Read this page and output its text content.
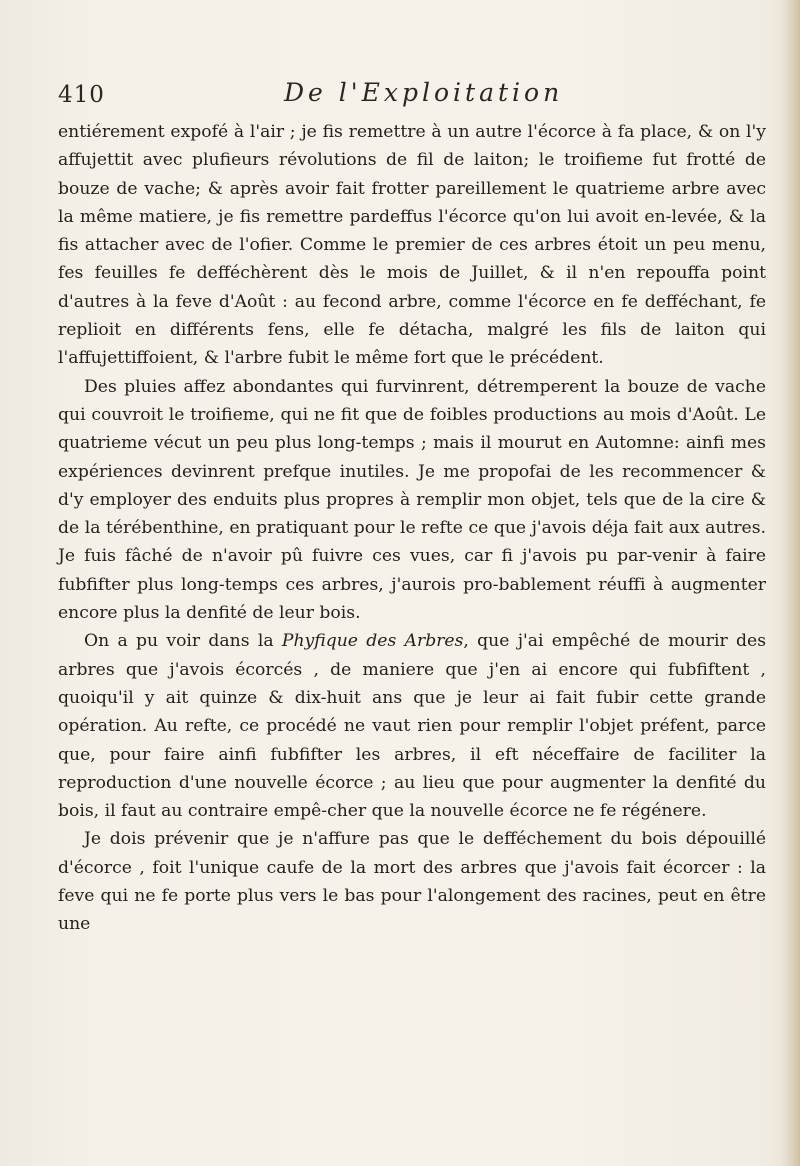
410	De l'Exploitation

entiérement expofé à l'air ; je fis remettre à un autre l'écorce à fa place, & on l'y affujettit avec plufieurs révolutions de fil de laiton; le troifieme fut frotté de bouze de vache; & après avoir fait frotter pareillement le quatrieme arbre avec la même matiere, je fis remettre pardeffus l'écorce qu'on lui avoit en-levée, & la fis attacher avec de l'ofier. Comme le premier de ces arbres étoit un peu menu, fes feuilles fe defféchèrent dès le mois de Juillet, & il n'en repouffa point d'autres à la feve d'Août : au fecond arbre, comme l'écorce en fe defféchant, fe replioit en différents fens, elle fe détacha, malgré les fils de laiton qui l'affujettiffoient, & l'arbre fubit le même fort que le précédent.

Des pluies affez abondantes qui furvinrent, détremperent la bouze de vache qui couvroit le troifieme, qui ne fit que de foibles productions au mois d'Août. Le quatrieme vécut un peu plus long-temps ; mais il mourut en Automne: ainfi mes expériences devinrent prefque inutiles. Je me propofai de les recommencer & d'y employer des enduits plus propres à remplir mon objet, tels que de la cire & de la térébenthine, en pratiquant pour le refte ce que j'avois déja fait aux autres. Je fuis fâché de n'avoir pû fuivre ces vues, car fi j'avois pu par-venir à faire fubfifter plus long-temps ces arbres, j'aurois pro-bablement réuffi à augmenter encore plus la denfité de leur bois.

On a pu voir dans la Phyfique des Arbres, que j'ai empêché de mourir des arbres que j'avois écorcés , de maniere que j'en ai encore qui fubfiftent , quoiqu'il y ait quinze & dix-huit ans que je leur ai fait fubir cette grande opération. Au refte, ce procédé ne vaut rien pour remplir l'objet préfent, parce que, pour faire ainfi fubfifter les arbres, il eft néceffaire de faciliter la reproduction d'une nouvelle écorce ; au lieu que pour augmenter la denfité du bois, il faut au contraire empê-cher que la nouvelle écorce ne fe régénere.

Je dois prévenir que je n'affure pas que le defféchement du bois dépouillé d'écorce , foit l'unique caufe de la mort des arbres que j'avois fait écorcer : la feve qui ne fe porte plus vers le bas pour l'alongement des racines, peut en être une
